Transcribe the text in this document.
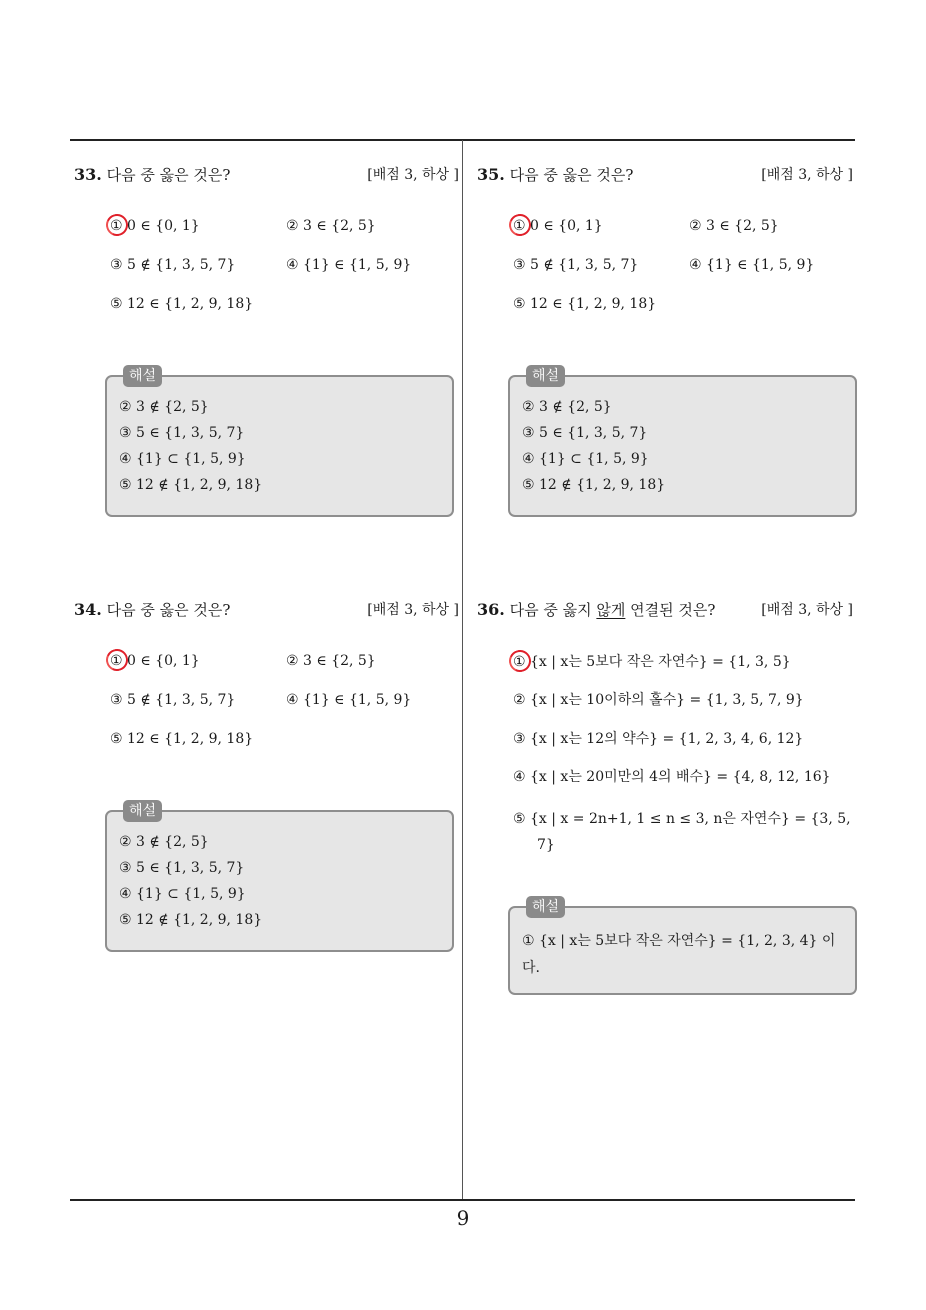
9
33. 다음 중 옳은 것은?	[배점 3, 하상 ]
① 0 ∈ {0, 1}	② 3 ∈ {2, 5}
③ 5 ∉ {1, 3, 5, 7}	④ {1} ∈ {1, 5, 9}
⑤ 12 ∈ {1, 2, 9, 18}
해설
② 3 ∉ {2, 5}
③ 5 ∈ {1, 3, 5, 7}
④ {1} ⊂ {1, 5, 9}
⑤ 12 ∉ {1, 2, 9, 18}
34. 다음 중 옳은 것은?	[배점 3, 하상 ]
① 0 ∈ {0, 1}	② 3 ∈ {2, 5}
③ 5 ∉ {1, 3, 5, 7}	④ {1} ∈ {1, 5, 9}
⑤ 12 ∈ {1, 2, 9, 18}
해설
② 3 ∉ {2, 5}
③ 5 ∈ {1, 3, 5, 7}
④ {1} ⊂ {1, 5, 9}
⑤ 12 ∉ {1, 2, 9, 18}
35. 다음 중 옳은 것은?	[배점 3, 하상 ]
① 0 ∈ {0, 1}	② 3 ∈ {2, 5}
③ 5 ∉ {1, 3, 5, 7}	④ {1} ∈ {1, 5, 9}
⑤ 12 ∈ {1, 2, 9, 18}
해설
② 3 ∉ {2, 5}
③ 5 ∈ {1, 3, 5, 7}
④ {1} ⊂ {1, 5, 9}
⑤ 12 ∉ {1, 2, 9, 18}
36. 다음 중 옳지 않게 연결된 것은?	[배점 3, 하상 ]
① {x | x는 5보다 작은 자연수} = {1, 3, 5}
② {x | x는 10이하의 홀수} = {1, 3, 5, 7, 9}
③ {x | x는 12의 약수} = {1, 2, 3, 4, 6, 12}
④ {x | x는 20미만의 4의 배수} = {4, 8, 12, 16}
⑤ {x | x = 2n+1, 1 ≤ n ≤ 3, n은 자연수} = {3, 5, 7}
해설
① {x | x는 5보다 작은 자연수} = {1, 2, 3, 4} 이다.
